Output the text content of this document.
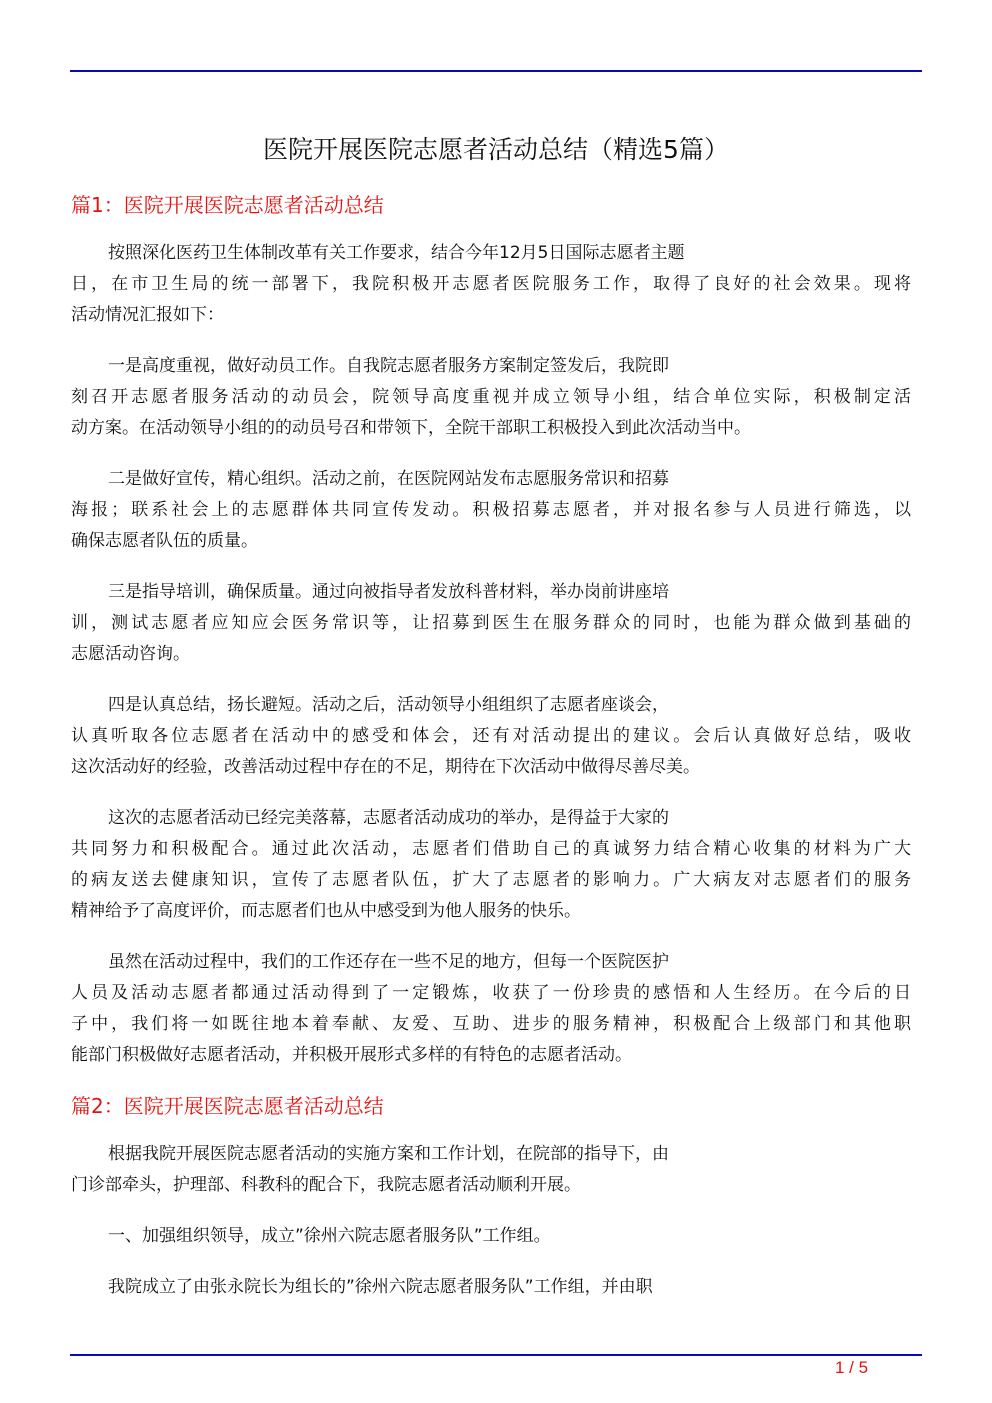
医院开展医院志愿者活动总结（精选5篇）
篇1：医院开展医院志愿者活动总结
按照深化医药卫生体制改革有关工作要求，结合今年12月5日国际志愿者主题
日，在市卫生局的统一部署下，我院积极开志愿者医院服务工作，取得了良好的社会效果。现将
活动情况汇报如下：
一是高度重视，做好动员工作。自我院志愿者服务方案制定签发后，我院即
刻召开志愿者服务活动的动员会，院领导高度重视并成立领导小组，结合单位实际，积极制定活
动方案。在活动领导小组的的动员号召和带领下，全院干部职工积极投入到此次活动当中。
二是做好宣传，精心组织。活动之前，在医院网站发布志愿服务常识和招募
海报；联系社会上的志愿群体共同宣传发动。积极招募志愿者，并对报名参与人员进行筛选，以
确保志愿者队伍的质量。
三是指导培训，确保质量。通过向被指导者发放科普材料，举办岗前讲座培
训，测试志愿者应知应会医务常识等，让招募到医生在服务群众的同时，也能为群众做到基础的
志愿活动咨询。
四是认真总结，扬长避短。活动之后，活动领导小组组织了志愿者座谈会，
认真听取各位志愿者在活动中的感受和体会，还有对活动提出的建议。会后认真做好总结，吸收
这次活动好的经验，改善活动过程中存在的不足，期待在下次活动中做得尽善尽美。
这次的志愿者活动已经完美落幕，志愿者活动成功的举办，是得益于大家的
共同努力和积极配合。通过此次活动，志愿者们借助自己的真诚努力结合精心收集的材料为广大
的病友送去健康知识，宣传了志愿者队伍，扩大了志愿者的影响力。广大病友对志愿者们的服务
精神给予了高度评价，而志愿者们也从中感受到为他人服务的快乐。
虽然在活动过程中，我们的工作还存在一些不足的地方，但每一个医院医护
人员及活动志愿者都通过活动得到了一定锻炼，收获了一份珍贵的感悟和人生经历。在今后的日
子中，我们将一如既往地本着奉献、友爱、互助、进步的服务精神，积极配合上级部门和其他职
能部门积极做好志愿者活动，并积极开展形式多样的有特色的志愿者活动。
篇2：医院开展医院志愿者活动总结
根据我院开展医院志愿者活动的实施方案和工作计划，在院部的指导下，由
门诊部牵头，护理部、科教科的配合下，我院志愿者活动顺利开展。
一、加强组织领导，成立”徐州六院志愿者服务队”工作组。
我院成立了由张永院长为组长的”徐州六院志愿者服务队”工作组，并由职
1 / 5
